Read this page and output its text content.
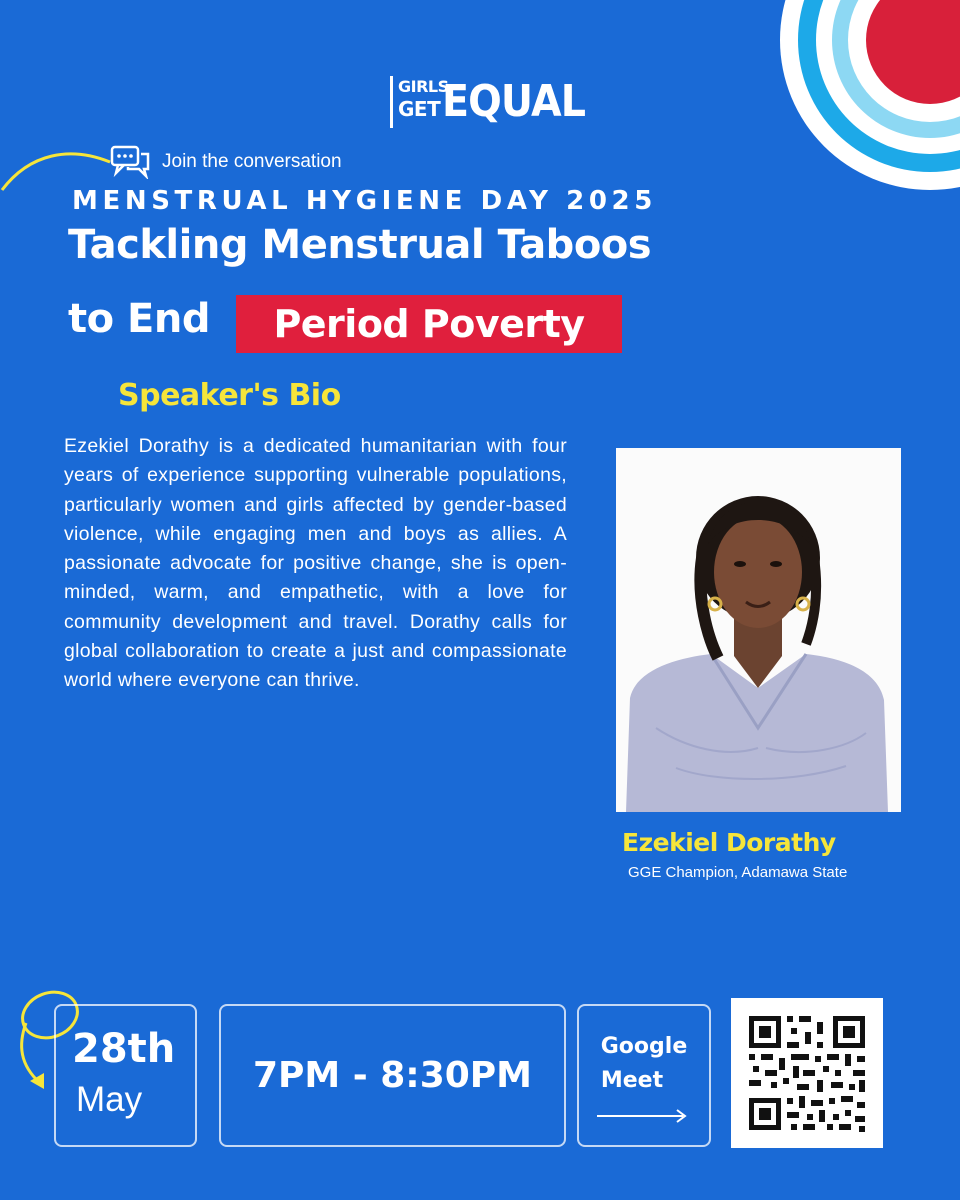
GIRLS
GET EQUAL
Join the conversation
MENSTRUAL HYGIENE DAY 2025
Tackling Menstrual Taboos
to End	Period Poverty
Speaker's Bio
Ezekiel Dorathy is a dedicated humanitarian with four years of experience supporting vulnerable populations, particularly women and girls affected by gender-based violence, while engaging men and boys as allies. A passionate advocate for positive change, she is open-minded, warm, and empathetic, with a love for community development and travel. Dorathy calls for global collaboration to create a just and compassionate world where everyone can thrive.
Ezekiel Dorathy
GGE Champion, Adamawa State
28th
May
7PM - 8:30PM
Google
Meet
